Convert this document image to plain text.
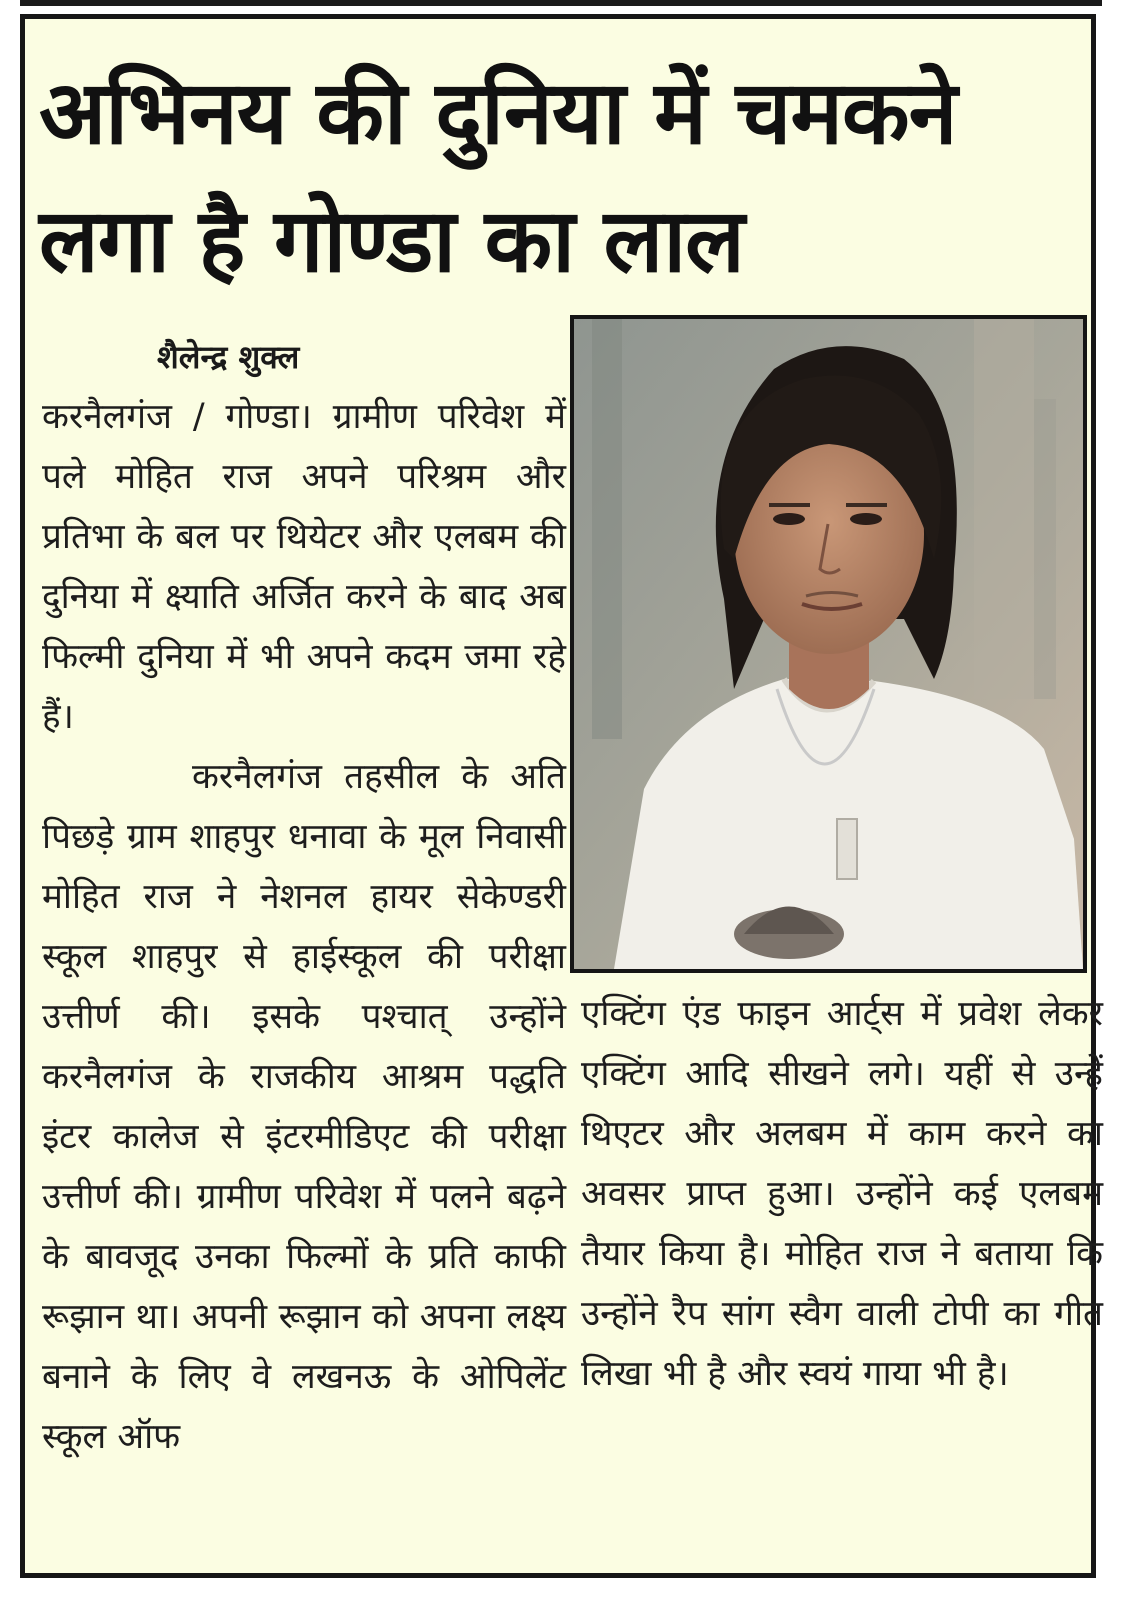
अभिनय की दुनिया में चमकने लगा है गोण्डा का लाल
शैलेन्द्र शुक्ल

करनैलगंज / गोण्डा। ग्रामीण परिवेश में पले मोहित राज अपने परिश्रम और प्रतिभा के बल पर थियेटर और एलबम की दुनिया में क्ष्याति अर्जित करने के बाद अब फिल्मी दुनिया में भी अपने कदम जमा रहे हैं।

करनैलगंज तहसील के अति पिछड़े ग्राम शाहपुर धनावा के मूल निवासी मोहित राज ने नेशनल हायर सेकेण्डरी स्कूल शाहपुर से हाईस्कूल की परीक्षा उत्तीर्ण की। इसके पश्चात् उन्होंने करनैलगंज के राजकीय आश्रम पद्धति इंटर कालेज से इंटरमीडिएट की परीक्षा उत्तीर्ण की। ग्रामीण परिवेश में पलने बढ़ने के बावजूद उनका फिल्मों के प्रति काफी रूझान था। अपनी रूझान को अपना लक्ष्य बनाने के लिए वे लखनऊ के ओपिलेंट स्कूल ऑफ

एक्टिंग एंड फाइन आर्ट्स में प्रवेश लेकर एक्टिंग आदि सीखने लगे। यहीं से उन्हें थिएटर और अलबम में काम करने का अवसर प्राप्त हुआ। उन्होंने कई एलबम तैयार किया है। मोहित राज ने बताया कि उन्होंने रैप सांग स्वैग वाली टोपी का गीत लिखा भी है और स्वयं गाया भी है।
